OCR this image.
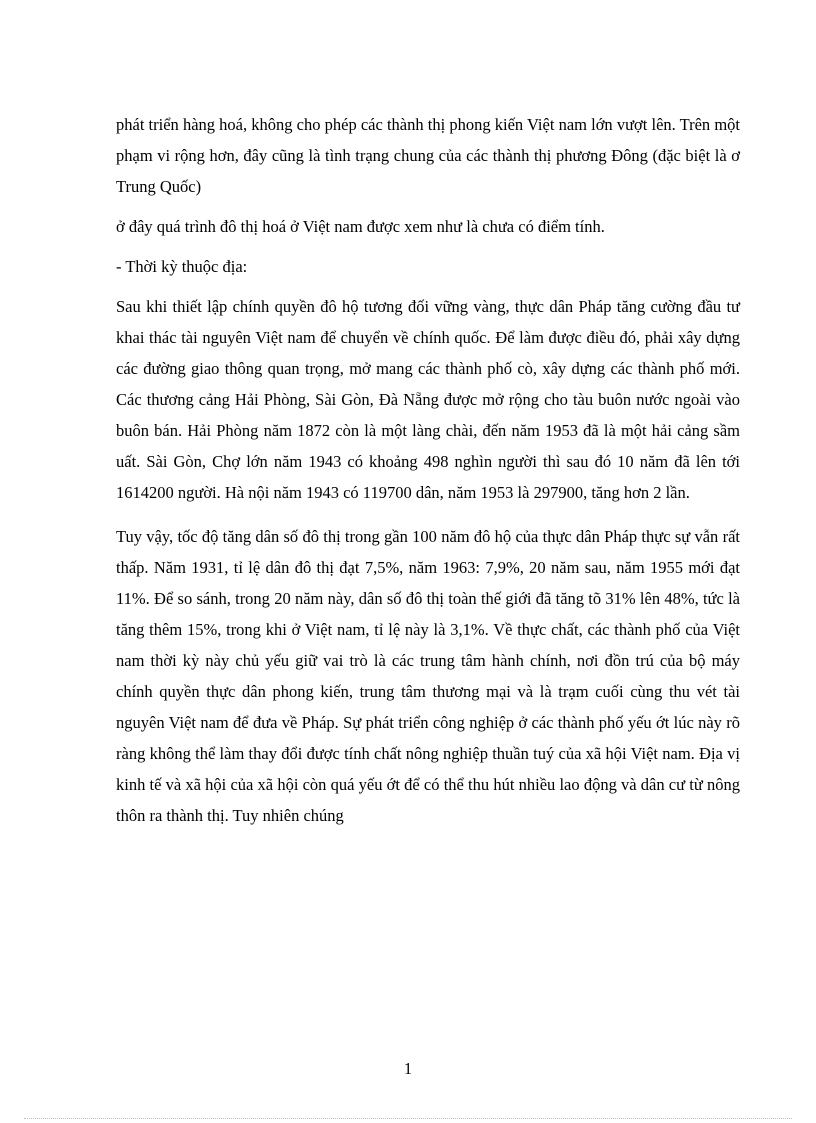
phát triển hàng hoá, không cho phép các thành thị phong kiến Việt nam lớn vượt lên. Trên một phạm vi rộng hơn, đây cũng là tình trạng chung của các thành thị phương Đông (đặc biệt là ơ Trung Quốc)

ở đây quá trình đô thị hoá ở Việt nam được xem như là chưa có điểm tính.

- Thời kỳ thuộc địa:

Sau khi thiết lập chính quyền đô hộ tương đối vững vàng, thực dân Pháp tăng cường đầu tư khai thác tài nguyên Việt nam để chuyển về chính quốc. Để làm được điều đó, phải xây dựng các đường giao thông quan trọng, mở mang các thành phố cò, xây dựng các thành phố mới. Các thương cảng Hải Phòng, Sài Gòn, Đà Nẵng được mở rộng cho tàu buôn nước ngoài vào buôn bán. Hải Phòng năm 1872 còn là một làng chài, đến năm 1953 đã là một hải cảng sầm uất. Sài Gòn, Chợ lớn năm 1943 có khoảng 498 nghìn người thì sau đó 10 năm đã lên tới 1614200 người. Hà nội năm 1943 có 119700 dân, năm 1953 là 297900, tăng hơn 2 lần.

Tuy vậy, tốc độ tăng dân số đô thị trong gần 100 năm đô hộ của thực dân Pháp thực sự vẫn rất thấp. Năm 1931, tỉ lệ dân đô thị đạt 7,5%, năm 1963: 7,9%, 20 năm sau, năm 1955 mới đạt 11%. Để so sánh, trong 20 năm này, dân số đô thị toàn thế giới đã tăng tõ 31% lên 48%, tức là tăng thêm 15%, trong khi ở Việt nam, tỉ lệ này là 3,1%. Về thực chất, các thành phố của Việt nam thời kỳ này chủ yếu giữ vai trò là các trung tâm hành chính, nơi đồn trú của bộ máy chính quyền thực dân phong kiến, trung tâm thương mại và là trạm cuối cùng thu vét tài nguyên Việt nam để đưa về Pháp. Sự phát triển công nghiệp ở các thành phố yếu ớt lúc này rõ ràng không thể làm thay đổi được tính chất nông nghiệp thuần tuý của xã hội Việt nam. Địa vị kinh tế và xã hội của xã hội còn quá yếu ớt để có thể thu hút nhiều lao động và dân cư từ nông thôn ra thành thị. Tuy nhiên chúng

1
